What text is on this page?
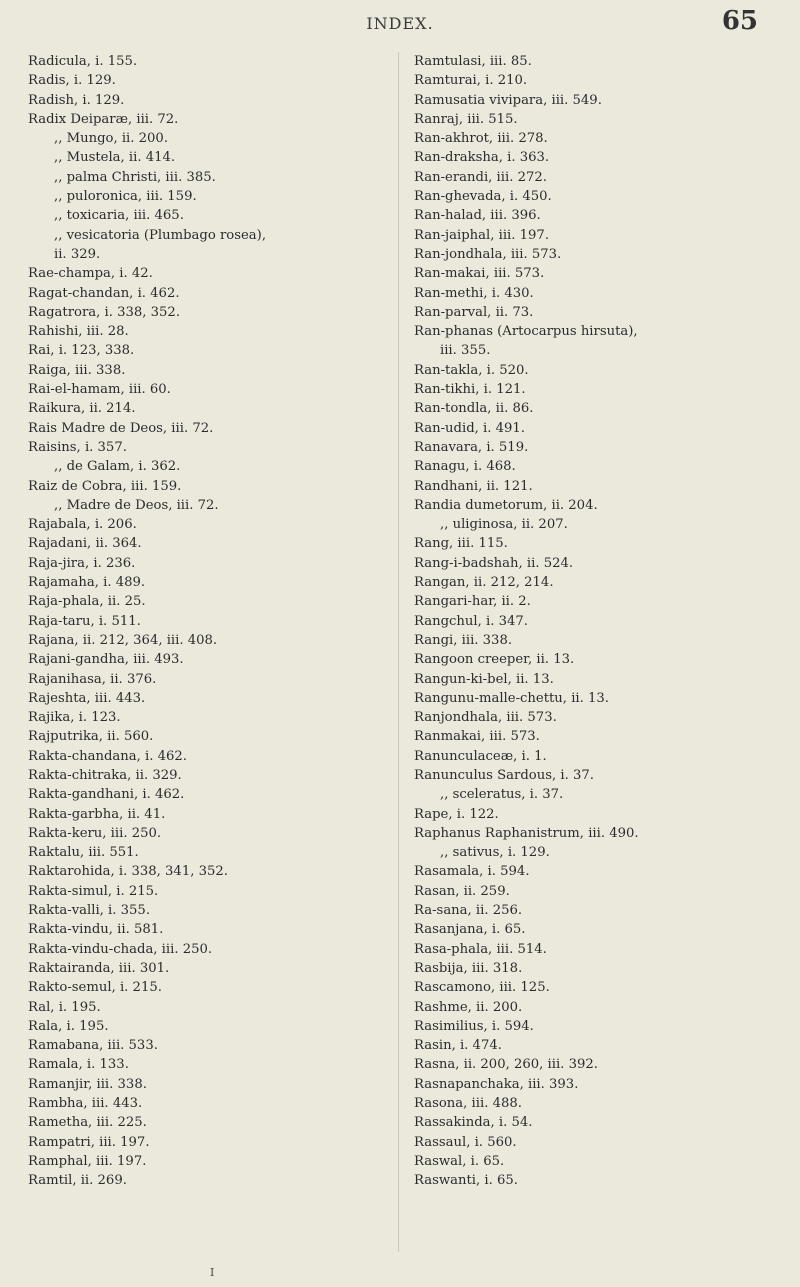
INDEX.	65
Radicula, i. 155.
Radis, i. 129.
Radish, i. 129.
Radix Deiparæ, iii. 72.
,, Mungo, ii. 200.
,, Mustela, ii. 414.
,, palma Christi, iii. 385.
,, puloronica, iii. 159.
,, toxicaria, iii. 465.
,, vesicatoria (Plumbago rosea),
ii. 329.
Rae-champa, i. 42.
Ragat-chandan, i. 462.
Ragatrora, i. 338, 352.
Rahishi, iii. 28.
Rai, i. 123, 338.
Raiga, iii. 338.
Rai-el-hamam, iii. 60.
Raikura, ii. 214.
Rais Madre de Deos, iii. 72.
Raisins, i. 357.
,, de Galam, i. 362.
Raiz de Cobra, iii. 159.
,, Madre de Deos, iii. 72.
Rajabala, i. 206.
Rajadani, ii. 364.
Raja-jira, i. 236.
Rajamaha, i. 489.
Raja-phala, ii. 25.
Raja-taru, i. 511.
Rajana, ii. 212, 364, iii. 408.
Rajani-gandha, iii. 493.
Rajanihasa, ii. 376.
Rajeshta, iii. 443.
Rajika, i. 123.
Rajputrika, ii. 560.
Rakta-chandana, i. 462.
Rakta-chitraka, ii. 329.
Rakta-gandhani, i. 462.
Rakta-garbha, ii. 41.
Rakta-keru, iii. 250.
Raktalu, iii. 551.
Raktarohida, i. 338, 341, 352.
Rakta-simul, i. 215.
Rakta-valli, i. 355.
Rakta-vindu, ii. 581.
Rakta-vindu-chada, iii. 250.
Raktairanda, iii. 301.
Rakto-semul, i. 215.
Ral, i. 195.
Rala, i. 195.
Ramabana, iii. 533.
Ramala, i. 133.
Ramanjir, iii. 338.
Rambha, iii. 443.
Rametha, iii. 225.
Rampatri, iii. 197.
Ramphal, iii. 197.
Ramtil, ii. 269.
Ramtulasi, iii. 85.
Ramturai, i. 210.
Ramusatia vivipara, iii. 549.
Ranraj, iii. 515.
Ran-akhrot, iii. 278.
Ran-draksha, i. 363.
Ran-erandi, iii. 272.
Ran-ghevada, i. 450.
Ran-halad, iii. 396.
Ran-jaiphal, iii. 197.
Ran-jondhala, iii. 573.
Ran-makai, iii. 573.
Ran-methi, i. 430.
Ran-parval, ii. 73.
Ran-phanas (Artocarpus hirsuta),
iii. 355.
Ran-takla, i. 520.
Ran-tikhi, i. 121.
Ran-tondla, ii. 86.
Ran-udid, i. 491.
Ranavara, i. 519.
Ranagu, i. 468.
Randhani, ii. 121.
Randia dumetorum, ii. 204.
,, uliginosa, ii. 207.
Rang, iii. 115.
Rang-i-badshah, ii. 524.
Rangan, ii. 212, 214.
Rangari-har, ii. 2.
Rangchul, i. 347.
Rangi, iii. 338.
Rangoon creeper, ii. 13.
Rangun-ki-bel, ii. 13.
Rangunu-malle-chettu, ii. 13.
Ranjondhala, iii. 573.
Ranmakai, iii. 573.
Ranunculaceæ, i. 1.
Ranunculus Sardous, i. 37.
,, sceleratus, i. 37.
Rape, i. 122.
Raphanus Raphanistrum, iii. 490.
,, sativus, i. 129.
Rasamala, i. 594.
Rasan, ii. 259.
Ra-sana, ii. 256.
Rasanjana, i. 65.
Rasa-phala, iii. 514.
Rasbija, iii. 318.
Rascamono, iii. 125.
Rashme, ii. 200.
Rasimilius, i. 594.
Rasin, i. 474.
Rasna, ii. 200, 260, iii. 392.
Rasnapanchaka, iii. 393.
Rasona, iii. 488.
Rassakinda, i. 54.
Rassaul, i. 560.
Raswal, i. 65.
Raswanti, i. 65.
I
